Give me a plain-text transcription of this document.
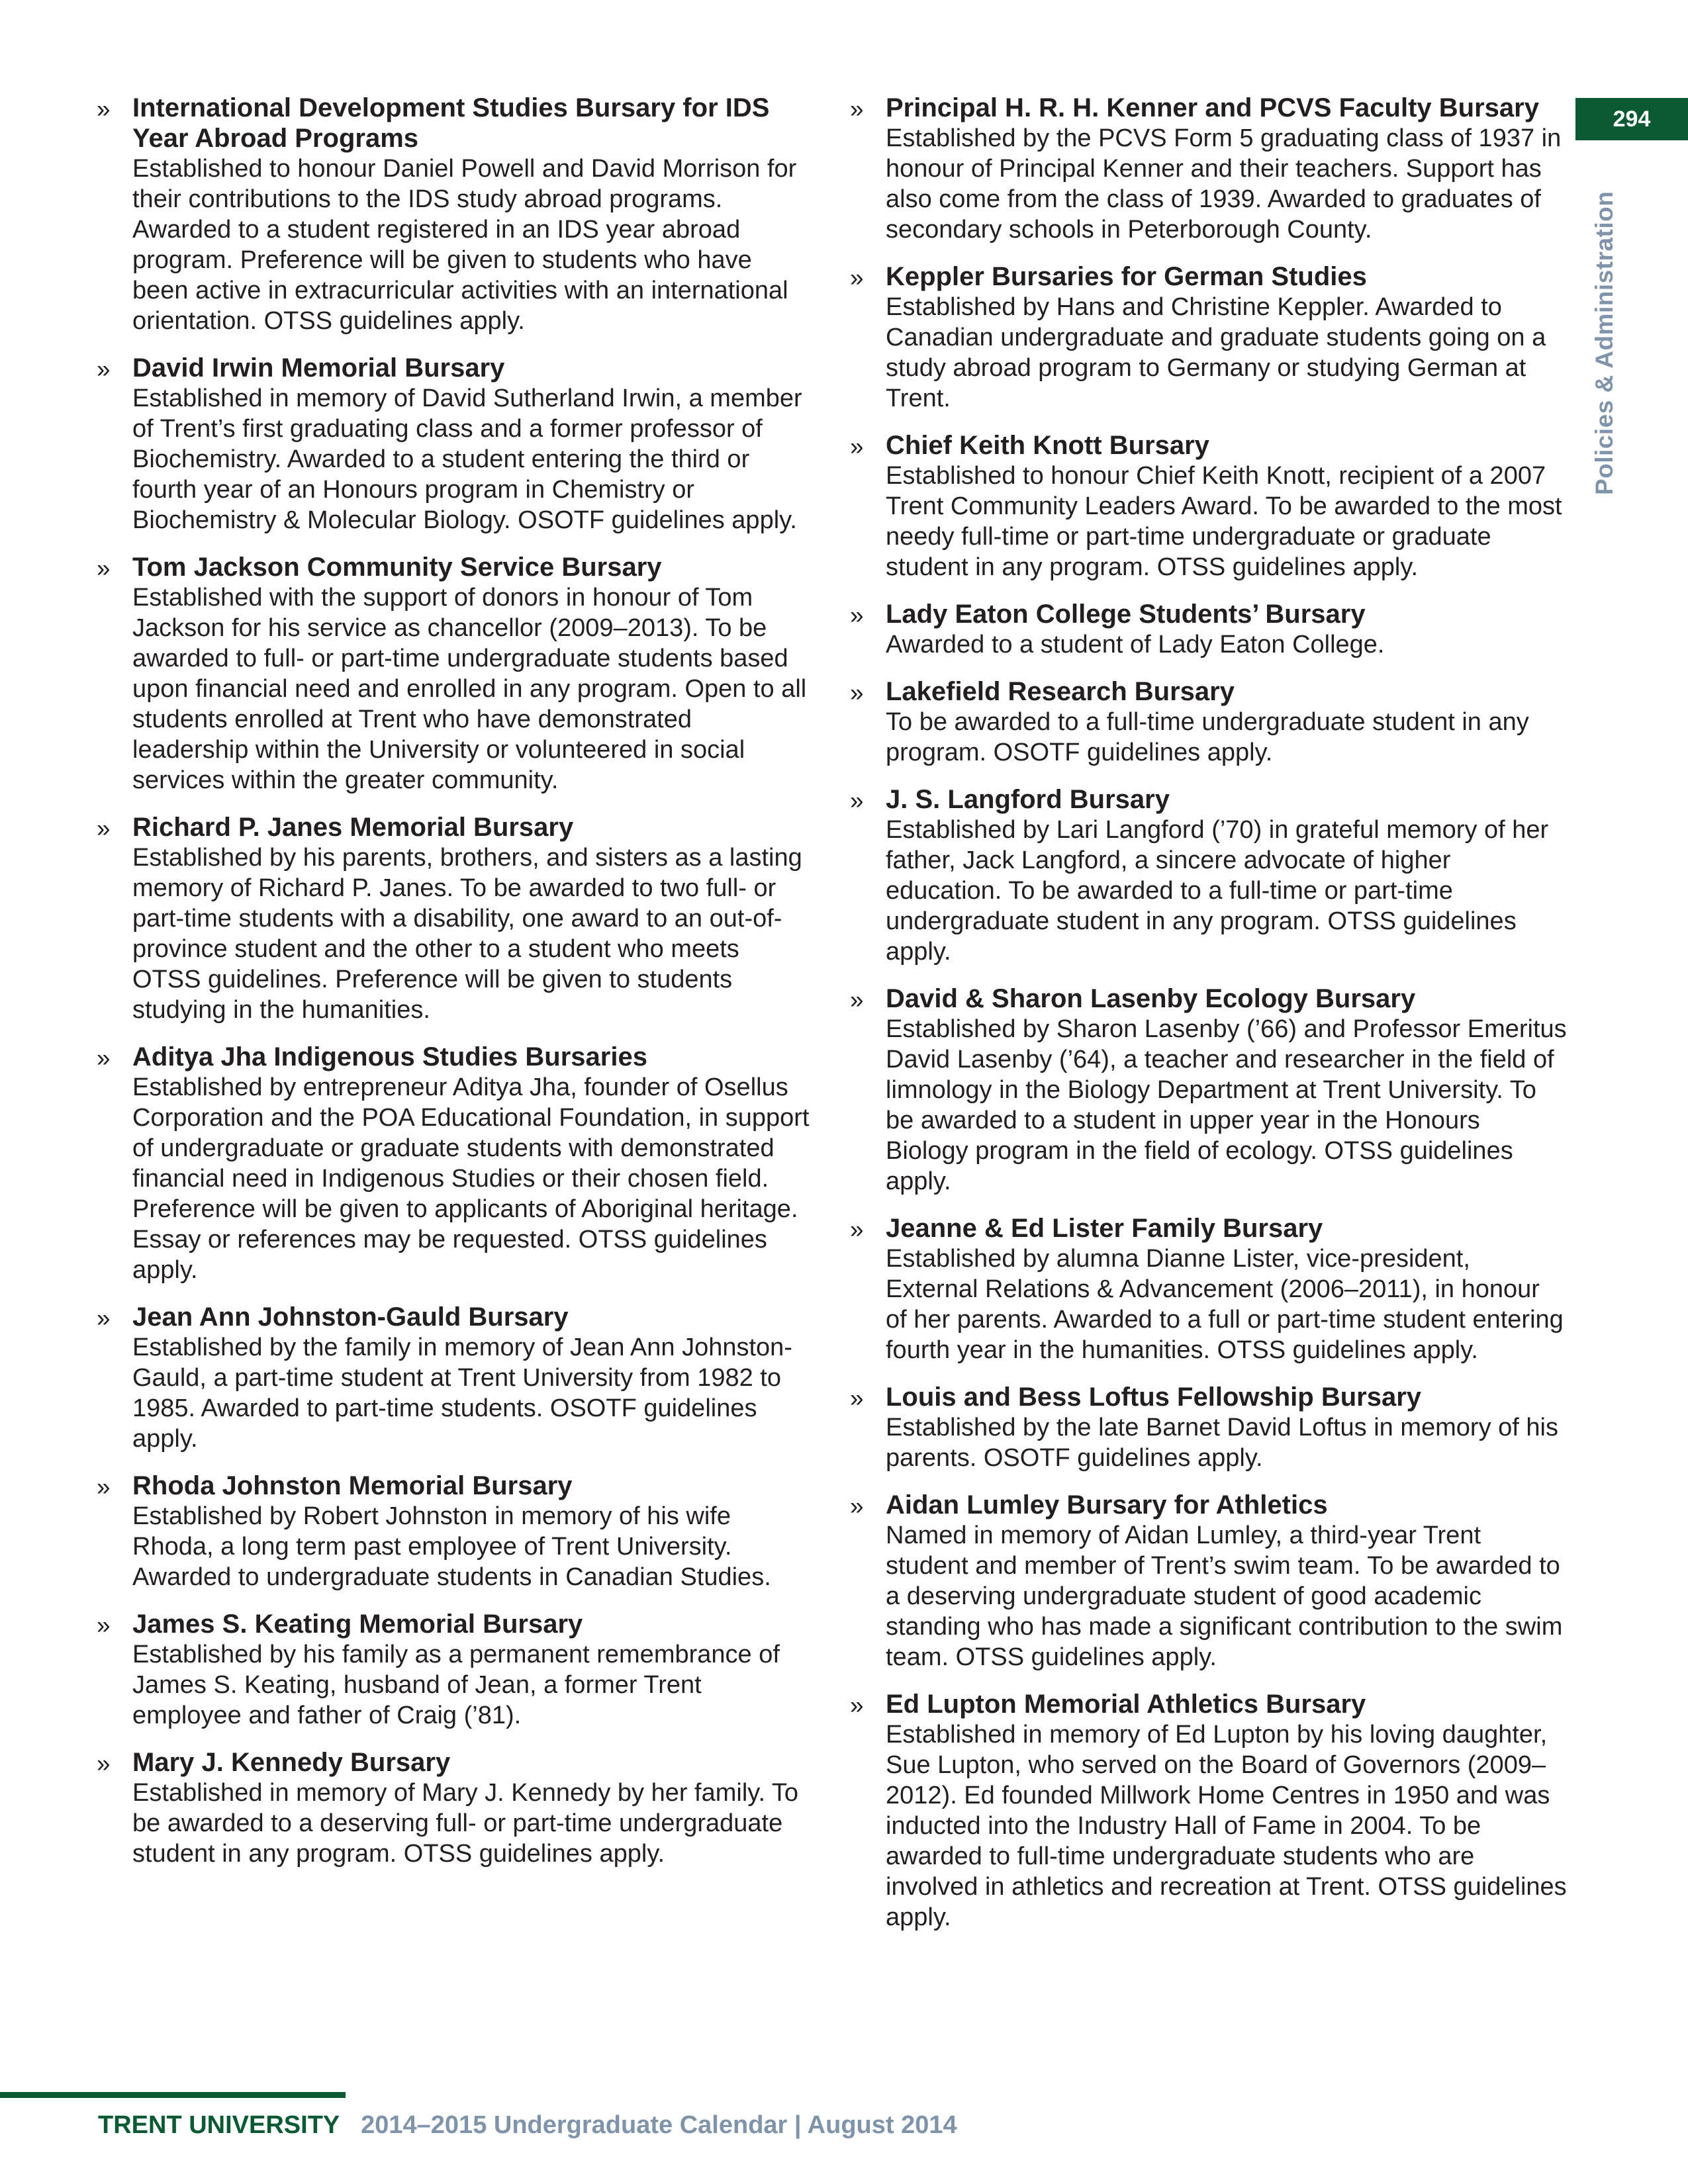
294
Policies & Administration
» International Development Studies Bursary for IDS Year Abroad Programs
Established to honour Daniel Powell and David Morrison for their contributions to the IDS study abroad programs. Awarded to a student registered in an IDS year abroad program. Preference will be given to students who have been active in extracurricular activities with an international orientation. OTSS guidelines apply.
» David Irwin Memorial Bursary
Established in memory of David Sutherland Irwin, a member of Trent’s first graduating class and a former professor of Biochemistry. Awarded to a student entering the third or fourth year of an Honours program in Chemistry or Biochemistry & Molecular Biology. OSOTF guidelines apply.
» Tom Jackson Community Service Bursary
Established with the support of donors in honour of Tom Jackson for his service as chancellor (2009–2013). To be awarded to full- or part-time undergraduate students based upon financial need and enrolled in any program. Open to all students enrolled at Trent who have demonstrated leadership within the University or volunteered in social services within the greater community.
» Richard P. Janes Memorial Bursary
Established by his parents, brothers, and sisters as a lasting memory of Richard P. Janes. To be awarded to two full- or part-time students with a disability, one award to an out-of-province student and the other to a student who meets OTSS guidelines. Preference will be given to students studying in the humanities.
» Aditya Jha Indigenous Studies Bursaries
Established by entrepreneur Aditya Jha, founder of Osellus Corporation and the POA Educational Foundation, in support of undergraduate or graduate students with demonstrated financial need in Indigenous Studies or their chosen field. Preference will be given to applicants of Aboriginal heritage. Essay or references may be requested. OTSS guidelines apply.
» Jean Ann Johnston-Gauld Bursary
Established by the family in memory of Jean Ann Johnston-Gauld, a part-time student at Trent University from 1982 to 1985. Awarded to part-time students. OSOTF guidelines apply.
» Rhoda Johnston Memorial Bursary
Established by Robert Johnston in memory of his wife Rhoda, a long term past employee of Trent University. Awarded to undergraduate students in Canadian Studies.
» James S. Keating Memorial Bursary
Established by his family as a permanent remembrance of James S. Keating, husband of Jean, a former Trent employee and father of Craig (’81).
» Mary J. Kennedy Bursary
Established in memory of Mary J. Kennedy by her family. To be awarded to a deserving full- or part-time undergraduate student in any program. OTSS guidelines apply.
» Principal H. R. H. Kenner and PCVS Faculty Bursary
Established by the PCVS Form 5 graduating class of 1937 in honour of Principal Kenner and their teachers. Support has also come from the class of 1939. Awarded to graduates of secondary schools in Peterborough County.
» Keppler Bursaries for German Studies
Established by Hans and Christine Keppler. Awarded to Canadian undergraduate and graduate students going on a study abroad program to Germany or studying German at Trent.
» Chief Keith Knott Bursary
Established to honour Chief Keith Knott, recipient of a 2007 Trent Community Leaders Award. To be awarded to the most needy full-time or part-time undergraduate or graduate student in any program. OTSS guidelines apply.
» Lady Eaton College Students’ Bursary
Awarded to a student of Lady Eaton College.
» Lakefield Research Bursary
To be awarded to a full-time undergraduate student in any program. OSOTF guidelines apply.
» J. S. Langford Bursary
Established by Lari Langford (’70) in grateful memory of her father, Jack Langford, a sincere advocate of higher education. To be awarded to a full-time or part-time undergraduate student in any program. OTSS guidelines apply.
» David & Sharon Lasenby Ecology Bursary
Established by Sharon Lasenby (’66) and Professor Emeritus David Lasenby (’64), a teacher and researcher in the field of limnology in the Biology Department at Trent University. To be awarded to a student in upper year in the Honours Biology program in the field of ecology. OTSS guidelines apply.
» Jeanne & Ed Lister Family Bursary
Established by alumna Dianne Lister, vice-president, External Relations & Advancement (2006–2011), in honour of her parents. Awarded to a full or part-time student entering fourth year in the humanities. OTSS guidelines apply.
» Louis and Bess Loftus Fellowship Bursary
Established by the late Barnet David Loftus in memory of his parents. OSOTF guidelines apply.
» Aidan Lumley Bursary for Athletics
Named in memory of Aidan Lumley, a third-year Trent student and member of Trent’s swim team. To be awarded to a deserving undergraduate student of good academic standing who has made a significant contribution to the swim team. OTSS guidelines apply.
» Ed Lupton Memorial Athletics Bursary
Established in memory of Ed Lupton by his loving daughter, Sue Lupton, who served on the Board of Governors (2009–2012). Ed founded Millwork Home Centres in 1950 and was inducted into the Industry Hall of Fame in 2004. To be awarded to full-time undergraduate students who are involved in athletics and recreation at Trent. OTSS guidelines apply.
TRENT UNIVERSITY 2014–2015 Undergraduate Calendar | August 2014
